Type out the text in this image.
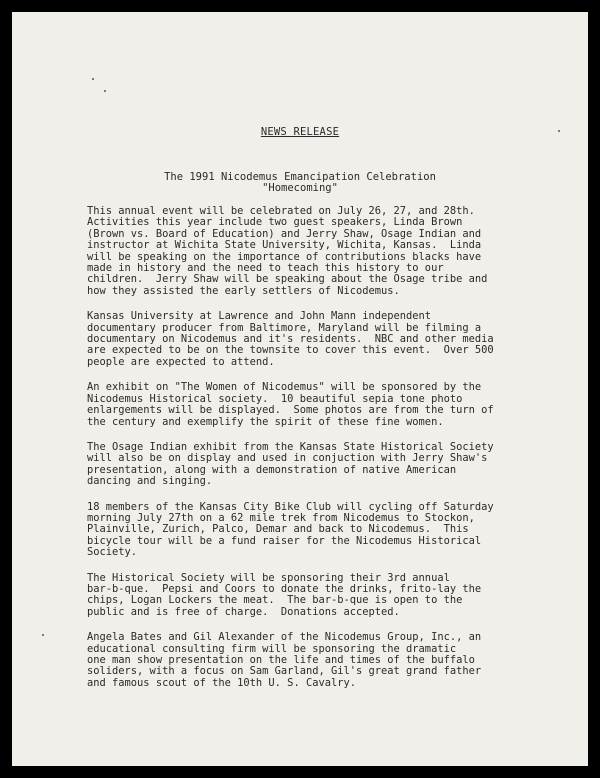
NEWS RELEASE
The 1991 Nicodemus Emancipation Celebration
"Homecoming"
This annual event will be celebrated on July 26, 27, and 28th.
Activities this year include two guest speakers, Linda Brown
(Brown vs. Board of Education) and Jerry Shaw, Osage Indian and
instructor at Wichita State University, Wichita, Kansas.  Linda
will be speaking on the importance of contributions blacks have
made in history and the need to teach this history to our
children.  Jerry Shaw will be speaking about the Osage tribe and
how they assisted the early settlers of Nicodemus.
Kansas University at Lawrence and John Mann independent
documentary producer from Baltimore, Maryland will be filming a
documentary on Nicodemus and it's residents.  NBC and other media
are expected to be on the townsite to cover this event.  Over 500
people are expected to attend.
An exhibit on "The Women of Nicodemus" will be sponsored by the
Nicodemus Historical society.  10 beautiful sepia tone photo
enlargements will be displayed.  Some photos are from the turn of
the century and exemplify the spirit of these fine women.
The Osage Indian exhibit from the Kansas State Historical Society
will also be on display and used in conjuction with Jerry Shaw's
presentation, along with a demonstration of native American
dancing and singing.
18 members of the Kansas City Bike Club will cycling off Saturday
morning July 27th on a 62 mile trek from Nicodemus to Stockon,
Plainville, Zurich, Palco, Demar and back to Nicodemus.  This
bicycle tour will be a fund raiser for the Nicodemus Historical
Society.
The Historical Society will be sponsoring their 3rd annual
bar-b-que.  Pepsi and Coors to donate the drinks, frito-lay the
chips, Logan Lockers the meat.  The bar-b-que is open to the
public and is free of charge.  Donations accepted.
Angela Bates and Gil Alexander of the Nicodemus Group, Inc., an
educational consulting firm will be sponsoring the dramatic
one man show presentation on the life and times of the buffalo
soliders, with a focus on Sam Garland, Gil's great grand father
and famous scout of the 10th U. S. Cavalry.
